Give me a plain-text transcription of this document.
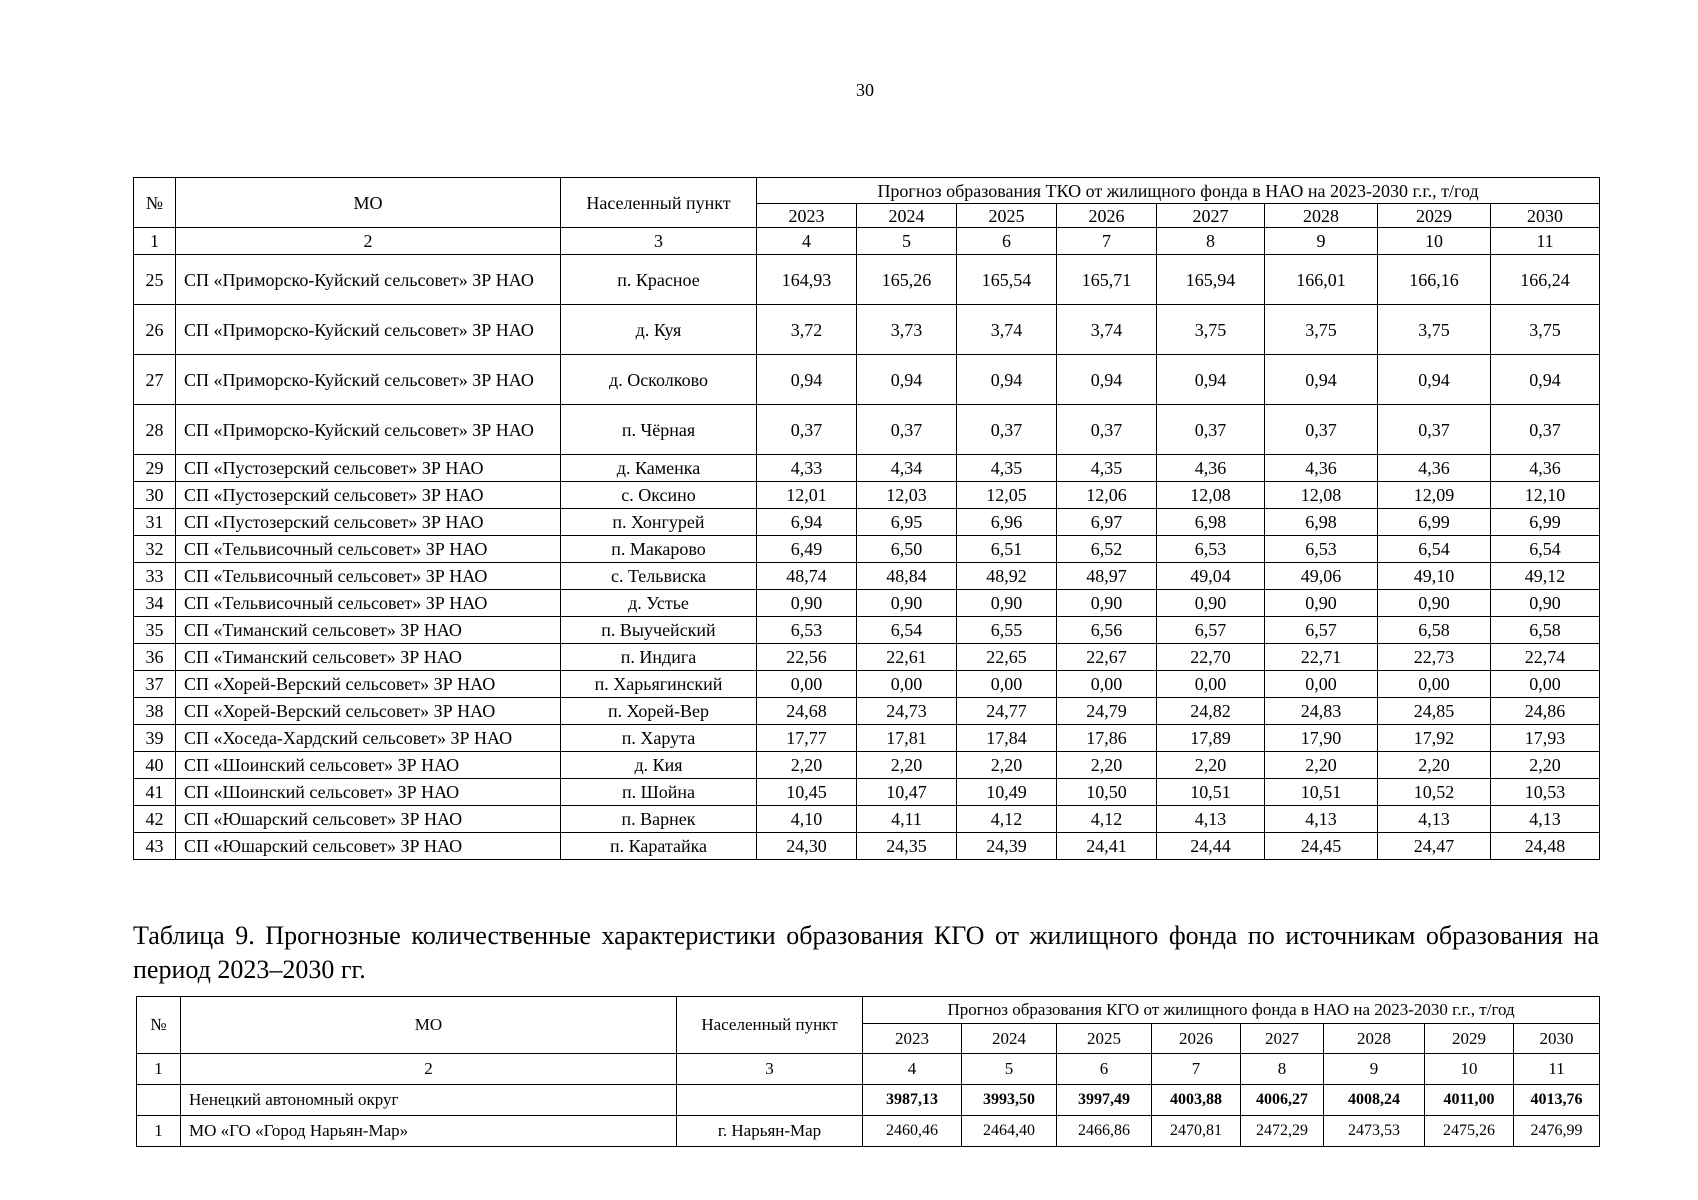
30
№	МО	Населенный пункт	Прогноз образования ТКО от жилищного фонда в НАО на 2023-2030 г.г., т/год							
			2023	2024	2025	2026	2027	2028	2029	2030
1	2	3	4	5	6	7	8	9	10	11
25	СП «Приморско-Куйский сельсовет» ЗР НАО	п. Красное	164,93	165,26	165,54	165,71	165,94	166,01	166,16	166,24
26	СП «Приморско-Куйский сельсовет» ЗР НАО	д. Куя	3,72	3,73	3,74	3,74	3,75	3,75	3,75	3,75
27	СП «Приморско-Куйский сельсовет» ЗР НАО	д. Осколково	0,94	0,94	0,94	0,94	0,94	0,94	0,94	0,94
28	СП «Приморско-Куйский сельсовет» ЗР НАО	п. Чёрная	0,37	0,37	0,37	0,37	0,37	0,37	0,37	0,37
29	СП «Пустозерский сельсовет» ЗР НАО	д. Каменка	4,33	4,34	4,35	4,35	4,36	4,36	4,36	4,36
30	СП «Пустозерский сельсовет» ЗР НАО	с. Оксино	12,01	12,03	12,05	12,06	12,08	12,08	12,09	12,10
31	СП «Пустозерский сельсовет» ЗР НАО	п. Хонгурей	6,94	6,95	6,96	6,97	6,98	6,98	6,99	6,99
32	СП «Тельвисочный сельсовет» ЗР НАО	п. Макарово	6,49	6,50	6,51	6,52	6,53	6,53	6,54	6,54
33	СП «Тельвисочный сельсовет» ЗР НАО	с. Тельвиска	48,74	48,84	48,92	48,97	49,04	49,06	49,10	49,12
34	СП «Тельвисочный сельсовет» ЗР НАО	д. Устье	0,90	0,90	0,90	0,90	0,90	0,90	0,90	0,90
35	СП «Тиманский сельсовет» ЗР НАО	п. Выучейский	6,53	6,54	6,55	6,56	6,57	6,57	6,58	6,58
36	СП «Тиманский сельсовет» ЗР НАО	п. Индига	22,56	22,61	22,65	22,67	22,70	22,71	22,73	22,74
37	СП «Хорей-Верский сельсовет» ЗР НАО	п. Харьягинский	0,00	0,00	0,00	0,00	0,00	0,00	0,00	0,00
38	СП «Хорей-Верский сельсовет» ЗР НАО	п. Хорей-Вер	24,68	24,73	24,77	24,79	24,82	24,83	24,85	24,86
39	СП «Хоседа-Хардский сельсовет» ЗР НАО	п. Харута	17,77	17,81	17,84	17,86	17,89	17,90	17,92	17,93
40	СП «Шоинский сельсовет» ЗР НАО	д. Кия	2,20	2,20	2,20	2,20	2,20	2,20	2,20	2,20
41	СП «Шоинский сельсовет» ЗР НАО	п. Шойна	10,45	10,47	10,49	10,50	10,51	10,51	10,52	10,53
42	СП «Юшарский сельсовет» ЗР НАО	п. Варнек	4,10	4,11	4,12	4,12	4,13	4,13	4,13	4,13
43	СП «Юшарский сельсовет» ЗР НАО	п. Каратайка	24,30	24,35	24,39	24,41	24,44	24,45	24,47	24,48
Таблица 9. Прогнозные количественные характеристики образования КГО от жилищного фонда по источникам образования на период 2023–2030 гг.
№	МО	Населенный пункт	Прогноз образования КГО от жилищного фонда в НАО на 2023-2030 г.г., т/год							
			2023	2024	2025	2026	2027	2028	2029	2030
1	2	3	4	5	6	7	8	9	10	11
	Ненецкий автономный округ		3987,13	3993,50	3997,49	4003,88	4006,27	4008,24	4011,00	4013,76
1	МО «ГО «Город Нарьян-Мар»	г. Нарьян-Мар	2460,46	2464,40	2466,86	2470,81	2472,29	2473,53	2475,26	2476,99
